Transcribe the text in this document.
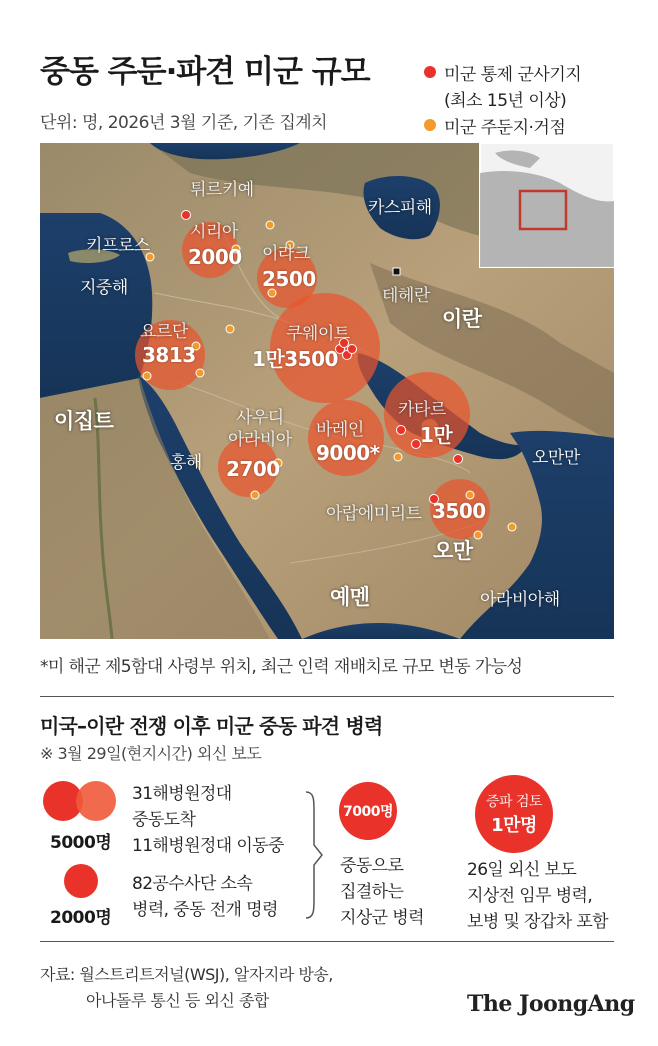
중동 주둔·파견 미군 규모
단위: 명, 2026년 3월 기준, 기존 집계치
미군 통제 군사기지
(최소 15년 이상)
미군 주둔지·거점
튀르키예
카스피해
키프로스
지중해	테헤란
이란
이집트
홍해	오만만
오만
예멘	아라비아해
시리아
2000 이라크
2500
요르단
3813
쿠웨이트
1만3500
카타르
1만
바레인
9000*
사우디
아라비아
2700
아랍에미리트 3500
*미 해군 제5함대 사령부 위치, 최근 인력 재배치로 규모 변동 가능성
미국–이란 전쟁 이후 미군 중동 파견 병력
※ 3월 29일(현지시간) 외신 보도
5000명
31해병원정대
중동도착
11해병원정대 이동중
2000명
82공수사단 소속
병력, 중동 전개 명령
7000명
중동으로
집결하는
지상군 병력
증파 검토
1만명
26일 외신 보도
지상전 임무 병력,
보병 및 장갑차 포함
자료: 월스트리트저널(WSJ), 알자지라 방송,
아나돌루 통신 등 외신 종합	The JoongAng
